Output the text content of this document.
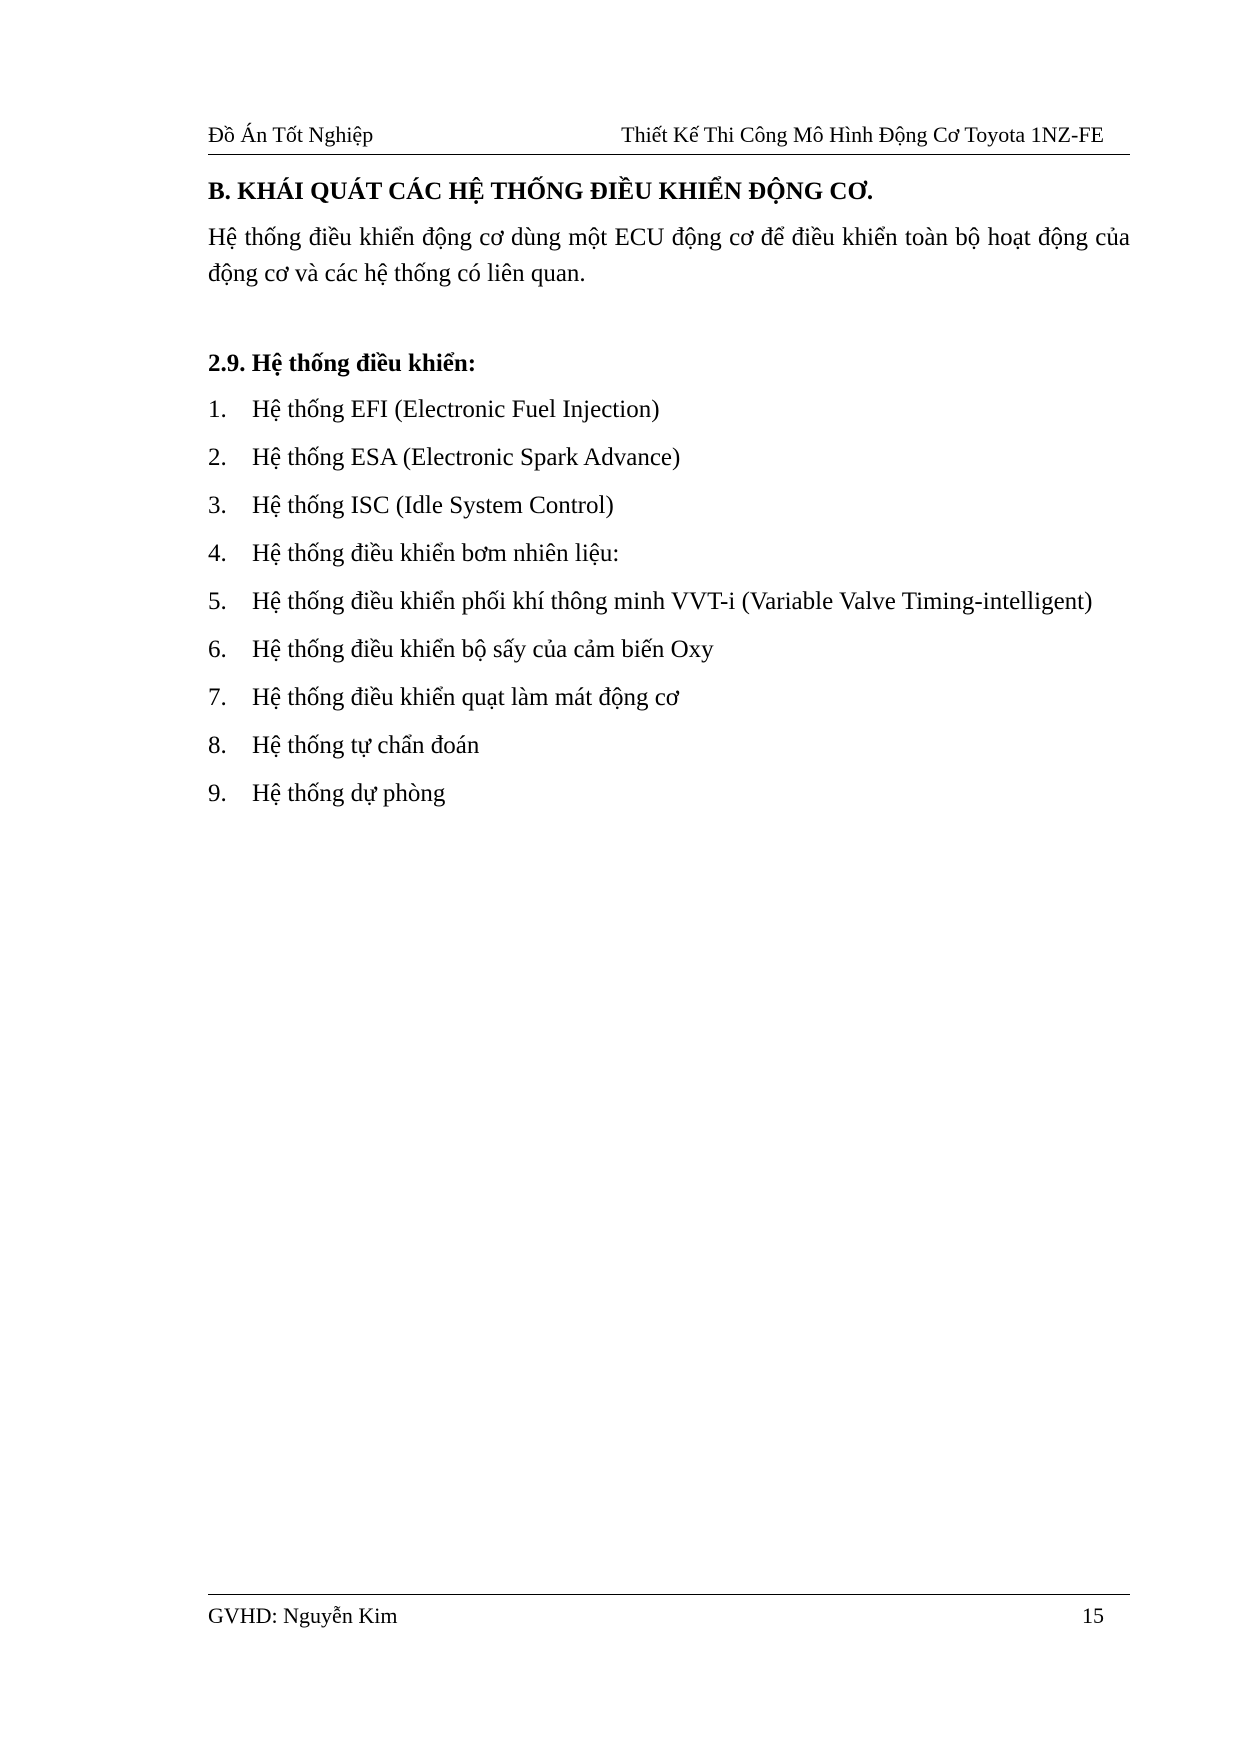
Đồ Án Tốt Nghiệp	Thiết Kế Thi Công Mô Hình Động Cơ Toyota 1NZ-FE
B. KHÁI QUÁT CÁC HỆ THỐNG ĐIỀU KHIỂN ĐỘNG CƠ.

Hệ thống điều khiển động cơ dùng một ECU động cơ để điều khiển toàn bộ hoạt động của động cơ và các hệ thống có liên quan.

2.9. Hệ thống điều khiển:
1. Hệ thống EFI (Electronic Fuel Injection)
2. Hệ thống ESA (Electronic Spark Advance)
3. Hệ thống ISC (Idle System Control)
4. Hệ thống điều khiển bơm nhiên liệu:
5. Hệ thống điều khiển phối khí thông minh VVT-i (Variable Valve Timing-intelligent)
6. Hệ thống điều khiển bộ sấy của cảm biến Oxy
7. Hệ thống điều khiển quạt làm mát động cơ
8. Hệ thống tự chẩn đoán
9. Hệ thống dự phòng
GVHD: Nguyễn Kim	15
